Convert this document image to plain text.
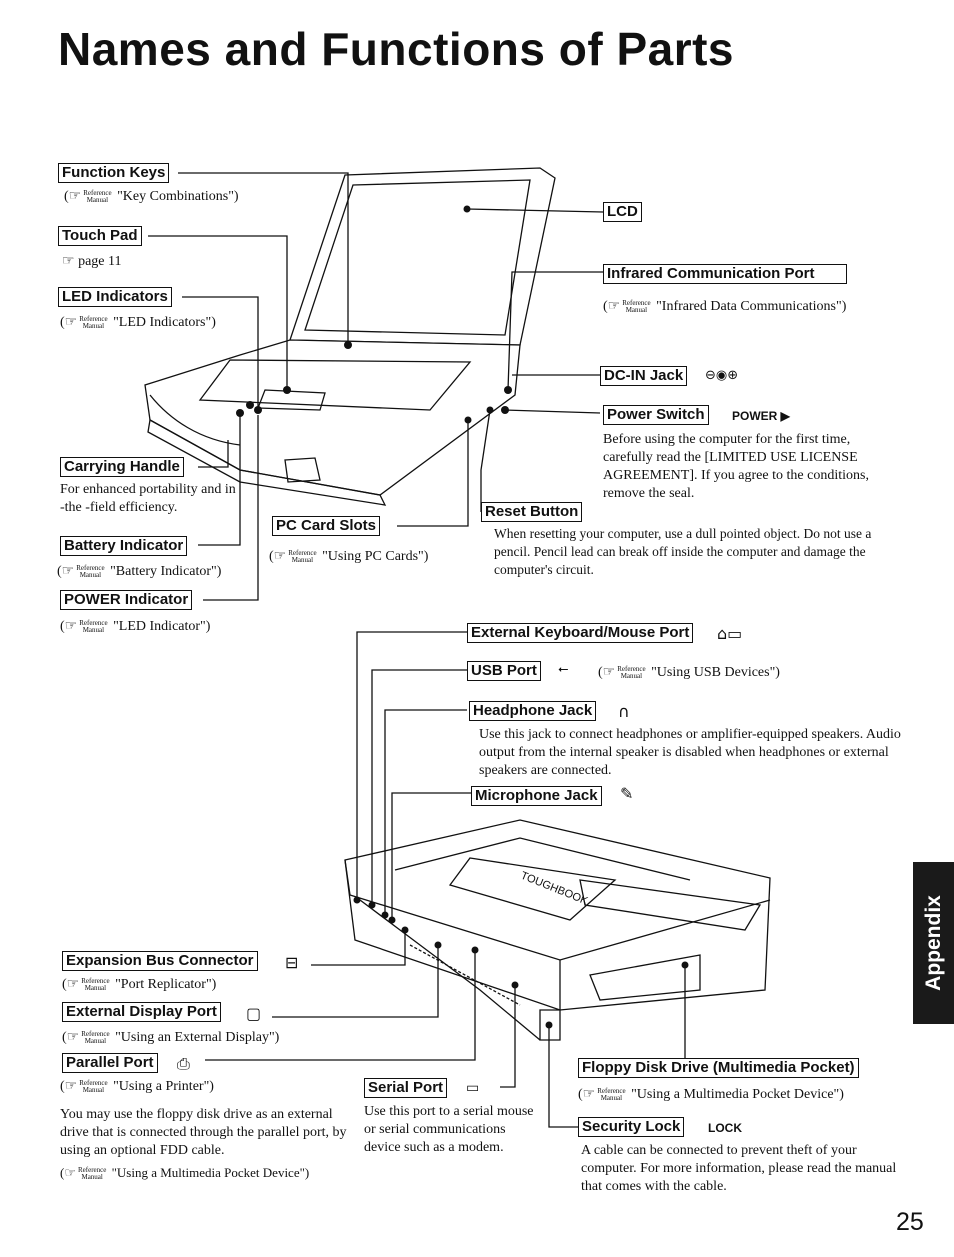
Names and Functions of Parts
TOUGHBOOK
Function Keys
(☞ Reference
Manual "Key Combinations")
Touch Pad
☞ page 11
LED Indicators
(☞ Reference
Manual "LED Indicators")
Carrying Handle
For enhanced portability and in -the -field efficiency.
Battery Indicator
(☞ Reference
Manual "Battery Indicator")
POWER Indicator
(☞ Reference
Manual "LED Indicator")
PC Card Slots
(☞ Reference
Manual "Using PC Cards")
LCD
Infrared Communication Port
(☞ Reference
Manual "Infrared Data Communications")
DC-IN Jack	⊖◉⊕
Power Switch	POWER ▶
Before using the computer for the first time, carefully read the [LIMITED USE LICENSE AGREEMENT]. If you agree to the conditions, remove the seal.
Reset Button
When resetting your computer, use a dull pointed object. Do not use a pencil. Pencil lead can break off inside the computer and damage the computer's circuit.
External Keyboard/Mouse Port ⌂▭
USB Port	⭠ (☞ Reference
Manual "Using USB Devices")
Headphone Jack ∩
Use this jack to connect headphones or amplifier-equipped speakers. Audio output from the internal speaker is disabled when headphones or external speakers are connected.
Microphone Jack ✎
Expansion Bus Connector ⊟
(☞ Reference
Manual "Port Replicator")
External Display Port ▢
(☞ Reference
Manual "Using an External Display")
Parallel Port ⎙
(☞ Reference
Manual "Using a Printer")
You may use the floppy disk drive as an external drive that is connected through the parallel port, by using an optional FDD cable.
(☞ Reference
Manual "Using a Multimedia Pocket Device")
Serial Port ▭
Use this port to a serial mouse or serial communications device such as a modem.
Floppy Disk Drive (Multimedia Pocket)
(☞ Reference
Manual "Using a Multimedia Pocket Device")
Security Lock	LOCK
A cable can be connected to prevent theft of your computer. For more information, please read the manual that comes with the cable.
Appendix
25
